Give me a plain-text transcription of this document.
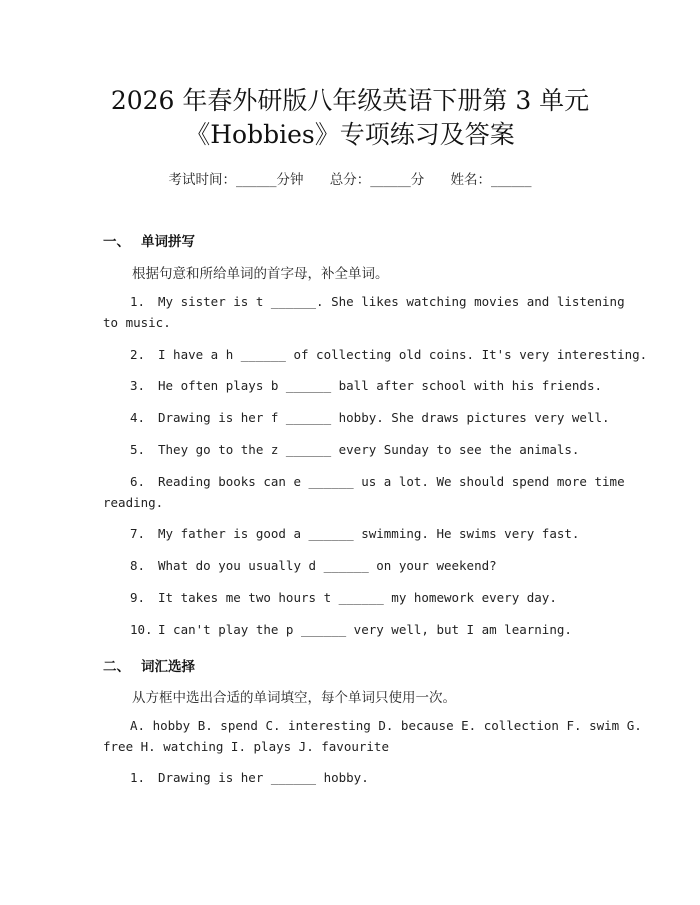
2026 年春外研版八年级英语下册第 3 单元
《Hobbies》专项练习及答案
考试时间：______分钟 总分：______分 姓名：______
一、 单词拼写
根据句意和所给单词的首字母，补全单词。
1. My sister is t ______. She likes watching movies and listening
to music.
2. I have a h ______ of collecting old coins. It's very interesting.
3. He often plays b ______ ball after school with his friends.
4. Drawing is her f ______ hobby. She draws pictures very well.
5. They go to the z ______ every Sunday to see the animals.
6. Reading books can e ______ us a lot. We should spend more time
reading.
7. My father is good a ______ swimming. He swims very fast.
8. What do you usually d ______ on your weekend?
9. It takes me two hours t ______ my homework every day.
10. I can't play the p ______ very well, but I am learning.
二、 词汇选择
从方框中选出合适的单词填空，每个单词只使用一次。
A. hobby B. spend C. interesting D. because E. collection F. swim G.
free H. watching I. plays J. favourite
1. Drawing is her ______ hobby.
